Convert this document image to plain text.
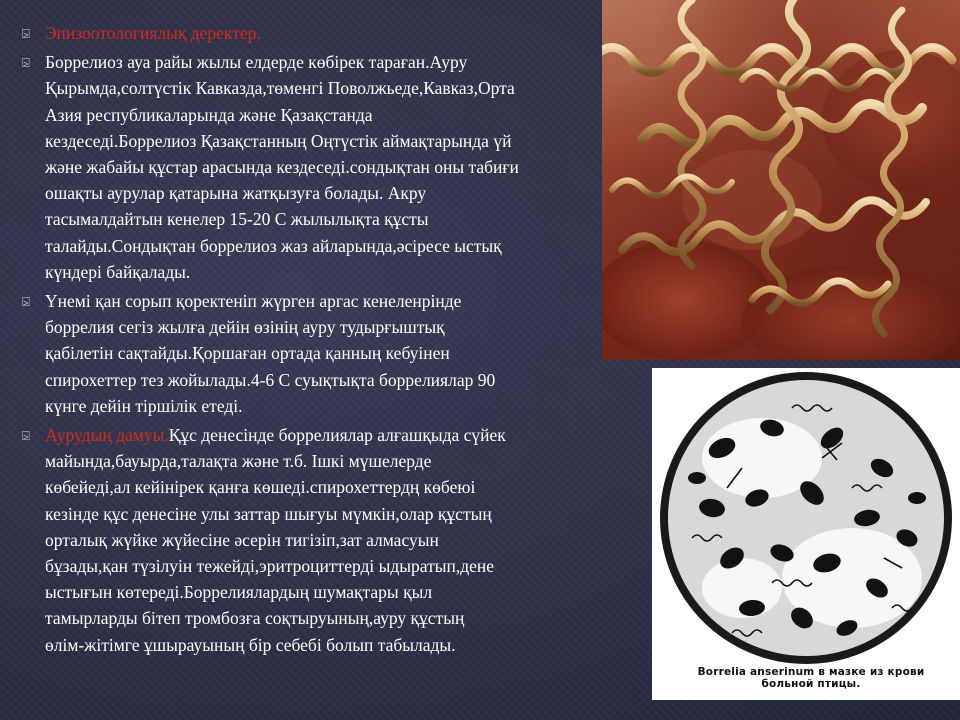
Borrelia anserinum в мазке из крови
больной птицы.
⍄ Эпизоотологиялық деректер.
⍄ Боррелиоз ауа райы жылы елдерде көбірек тараған.Ауру
Қырымда,солтүстік Кавказда,төменгі Поволжьеде,Кавказ,Орта
Азия республикаларында және Қазақстанда
кездеседі.Боррелиоз Қазақстанның Оңтүстік аймақтарында үй
және жабайы құстар арасында кездеседі.сондықтан оны табиғи
ошақты аурулар қатарына жатқызуға болады. Акру
тасымалдайтын кенелер 15-20 С жылылықта құсты
талайды.Сондықтан боррелиоз жаз айларында,әсіресе ыстық
күндері байқалады.
⍄ Үнемі қан сорып қоректеніп жүрген аргас кенеленрінде
боррелия сегіз жылға дейін өзінің ауру тудырғыштық
қабілетін сақтайды.Қоршаған ортада қанның кебуінен
спирохеттер тез жойылады.4-6 С суықтықта боррелиялар 90
күнге дейін тіршілік етеді.
⍄ Аурудың дамуы.Құс денесінде боррелиялар алғашқыда сүйек
майында,бауырда,талақта және т.б. Ішкі мүшелерде
көбейеді,ал кейінірек қанға көшеді.спирохеттердң көбеюі
кезінде құс денесіне улы заттар шығуы мүмкін,олар құстың
орталық жүйке жүйесіне әсерін тигізіп,зат алмасуын
бұзады,қан түзілуін тежейді,эритроциттерді ыдыратып,дене
ыстығын көтереді.Боррелиялардың шумақтары қыл
тамырларды бітеп тромбозға соқтыруының,ауру құстың
өлім-жітімге ұшырауының бір себебі болып табылады.
